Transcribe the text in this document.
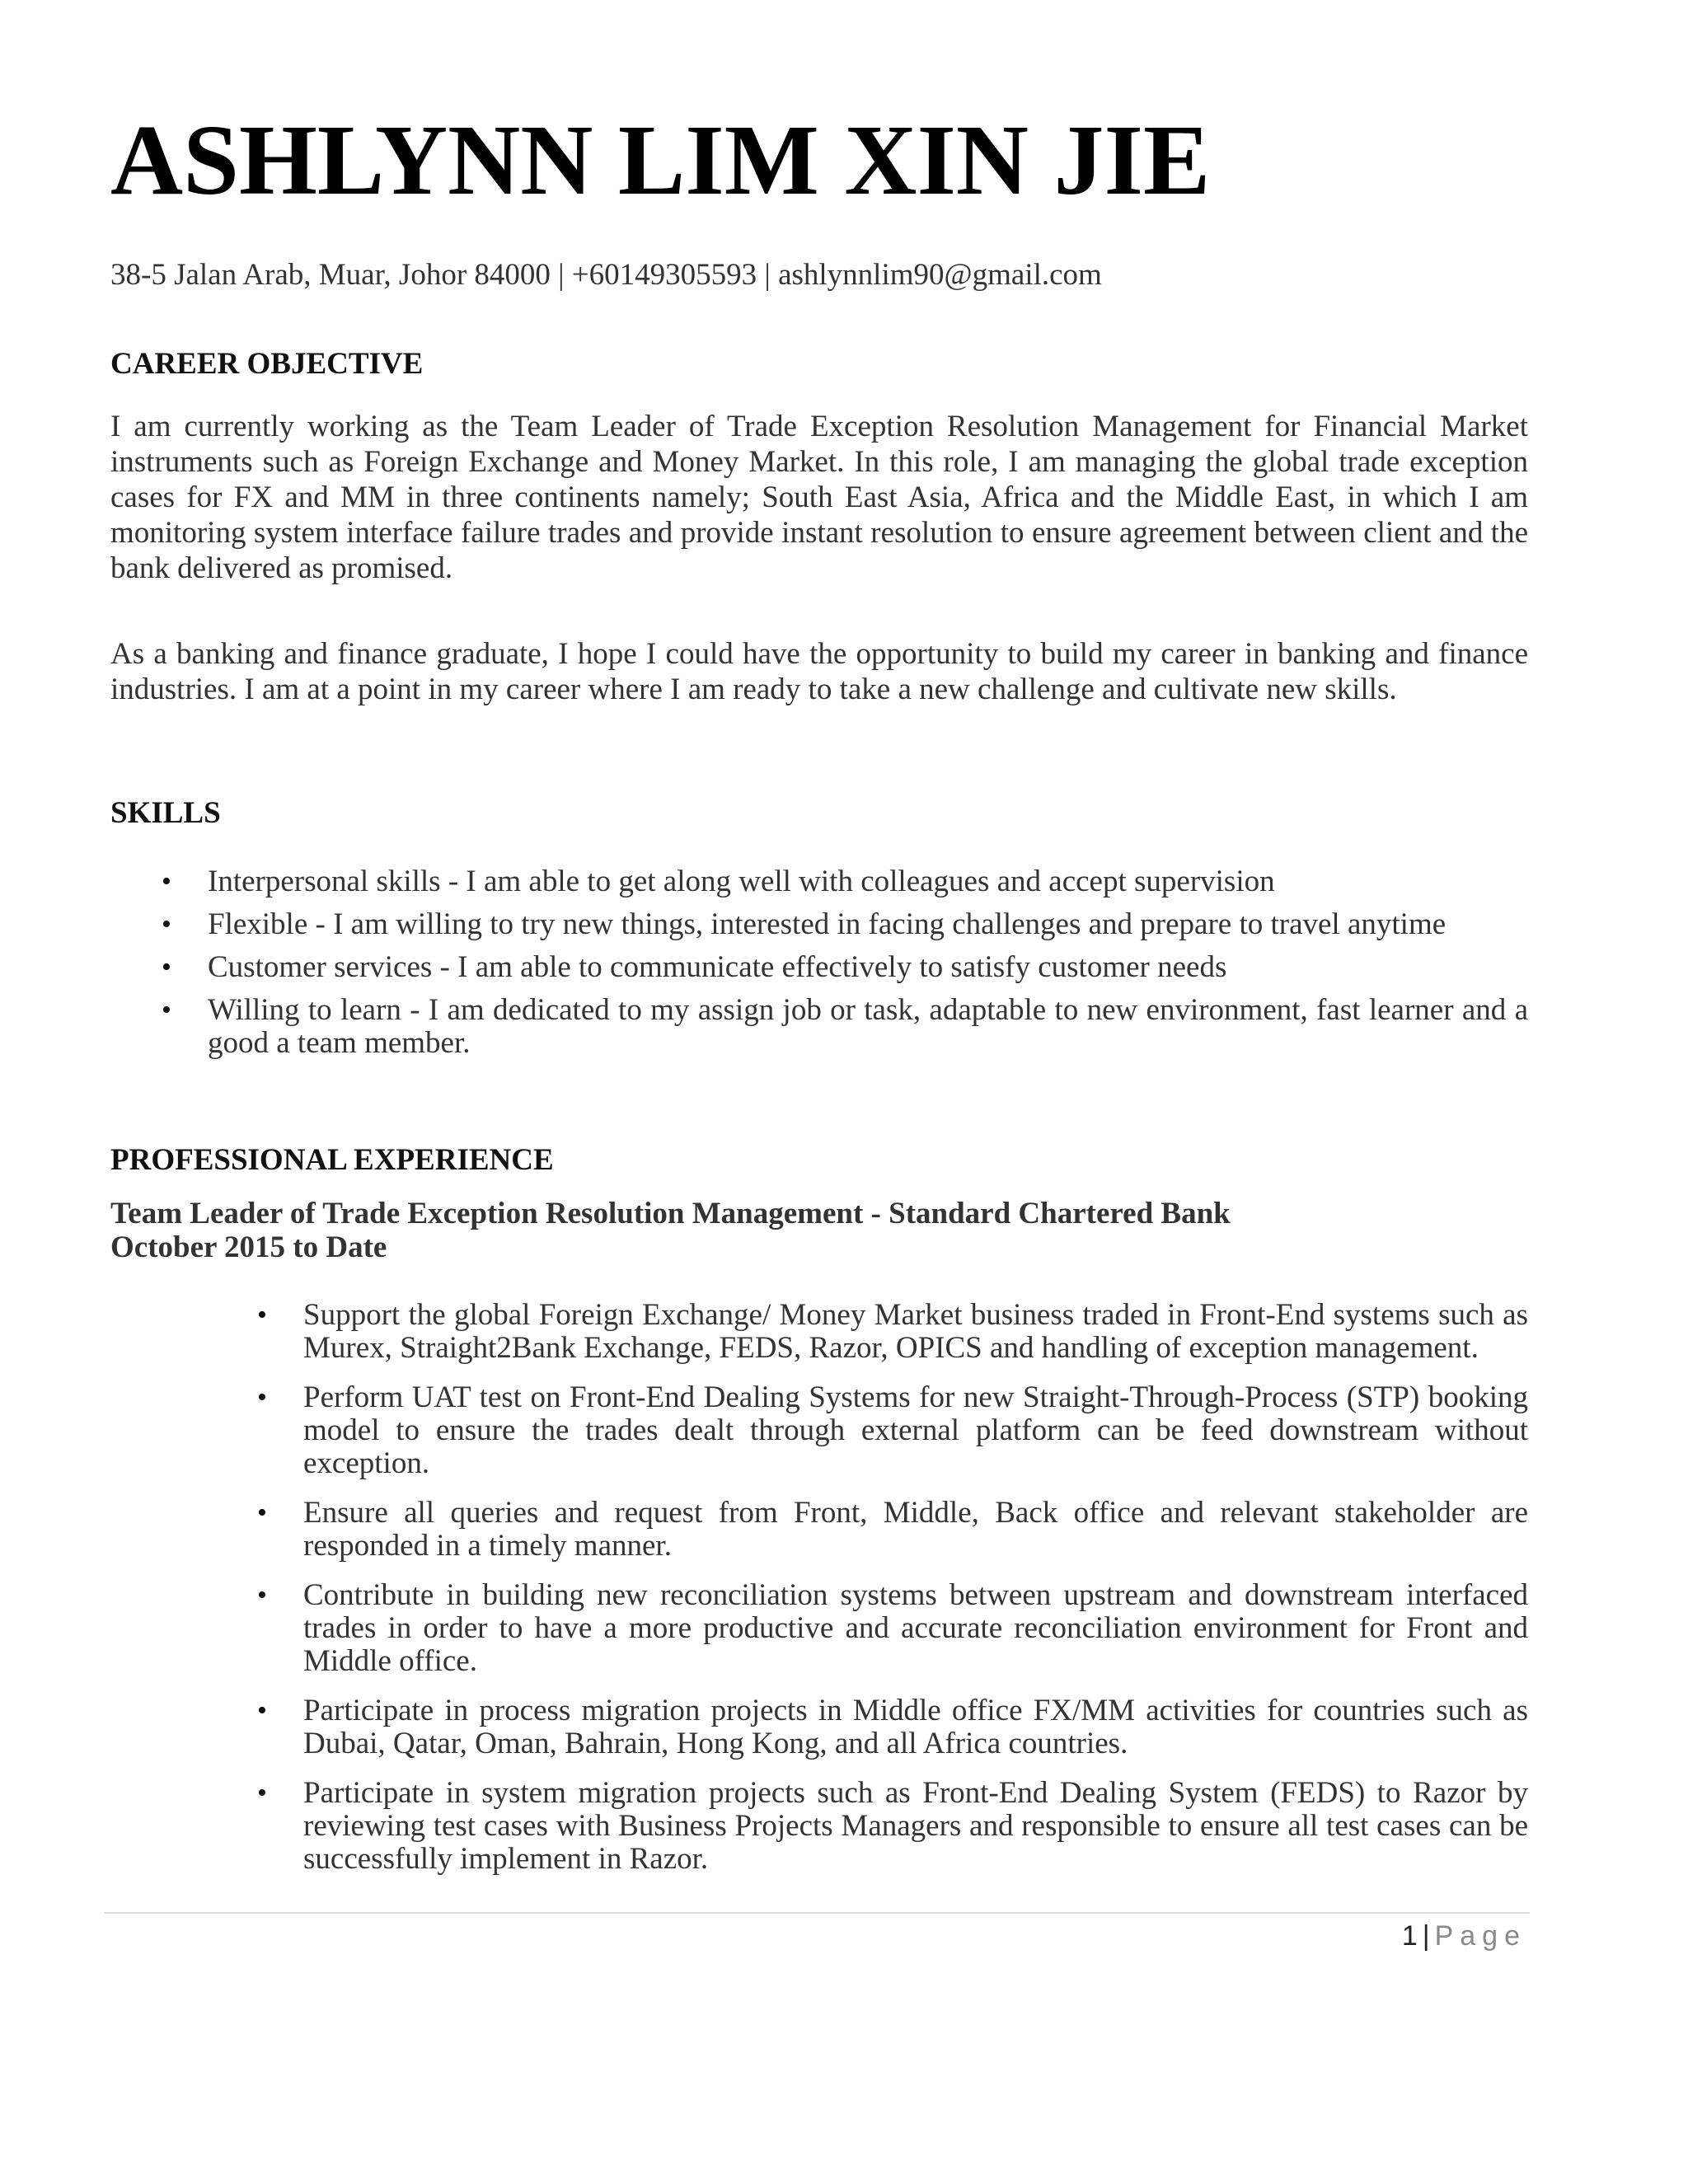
ASHLYNN LIM XIN JIE

38-5 Jalan Arab, Muar, Johor 84000 | +60149305593 | ashlynnlim90@gmail.com

CAREER OBJECTIVE

I am currently working as the Team Leader of Trade Exception Resolution Management for Financial Market instruments such as Foreign Exchange and Money Market. In this role, I am managing the global trade exception cases for FX and MM in three continents namely; South East Asia, Africa and the Middle East, in which I am monitoring system interface failure trades and provide instant resolution to ensure agreement between client and the bank delivered as promised.

As a banking and finance graduate, I hope I could have the opportunity to build my career in banking and finance industries. I am at a point in my career where I am ready to take a new challenge and cultivate new skills.

SKILLS
• Interpersonal skills - I am able to get along well with colleagues and accept supervision
• Flexible - I am willing to try new things, interested in facing challenges and prepare to travel anytime
• Customer services - I am able to communicate effectively to satisfy customer needs
• Willing to learn - I am dedicated to my assign job or task, adaptable to new environment, fast learner and a good a team member.
PROFESSIONAL EXPERIENCE

Team Leader of Trade Exception Resolution Management - Standard Chartered Bank October 2015 to Date

• Support the global Foreign Exchange/ Money Market business traded in Front-End systems such as Murex, Straight2Bank Exchange, FEDS, Razor, OPICS and handling of exception management.
• Perform UAT test on Front-End Dealing Systems for new Straight-Through-Process (STP) booking model to ensure the trades dealt through external platform can be feed downstream without exception.
• Ensure all queries and request from Front, Middle, Back office and relevant stakeholder are responded in a timely manner.
• Contribute in building new reconciliation systems between upstream and downstream interfaced trades in order to have a more productive and accurate reconciliation environment for Front and Middle office.
• Participate in process migration projects in Middle office FX/MM activities for countries such as Dubai, Qatar, Oman, Bahrain, Hong Kong, and all Africa countries.
• Participate in system migration projects such as Front-End Dealing System (FEDS) to Razor by reviewing test cases with Business Projects Managers and responsible to ensure all test cases can be successfully implement in Razor.
1 | Page
